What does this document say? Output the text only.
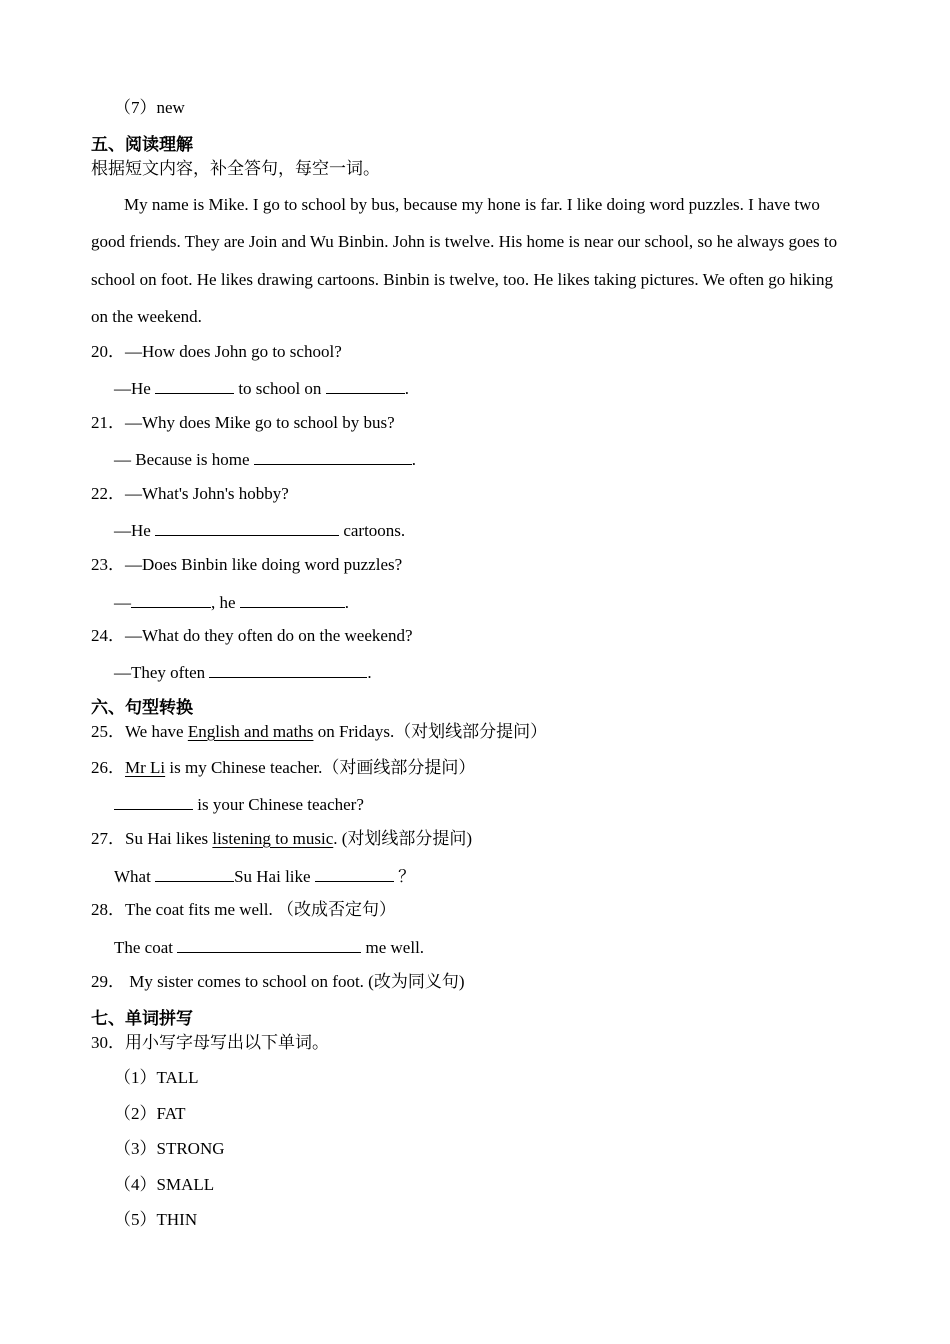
（7）new
五、阅读理解
根据短文内容，补全答句，每空一词。
My name is Mike. I go to school by bus, because my hone is far. I like doing word puzzles. I have two good friends. They are Join and Wu Binbin. John is twelve. His home is near our school, so he always goes to school on foot. He likes drawing cartoons. Binbin is twelve, too. He likes taking pictures. We often go hiking on the weekend.
20．—How does John go to school?
—He	to school on	.
21．—Why does Mike go to school by bus?
— Because is home	.
22．—What's John's hobby?
—He	cartoons.
23．—Does Binbin like doing word puzzles?
—	, he	.
24．—What do they often do on the weekend?
—They often	.
六、句型转换
25．We have English and maths on Fridays.（对划线部分提问）
26．Mr Li is my Chinese teacher.（对画线部分提问）
is your Chinese teacher?
27．Su Hai likes listening to music. (对划线部分提问)
What	Su Hai like	？
28．The coat fits me well. （改成否定句）
The coat	me well.
29． My sister comes to school on foot. (改为同义句)
七、单词拼写
30．用小写字母写出以下单词。
（1）TALL
（2）FAT
（3）STRONG
（4）SMALL
（5）THIN
